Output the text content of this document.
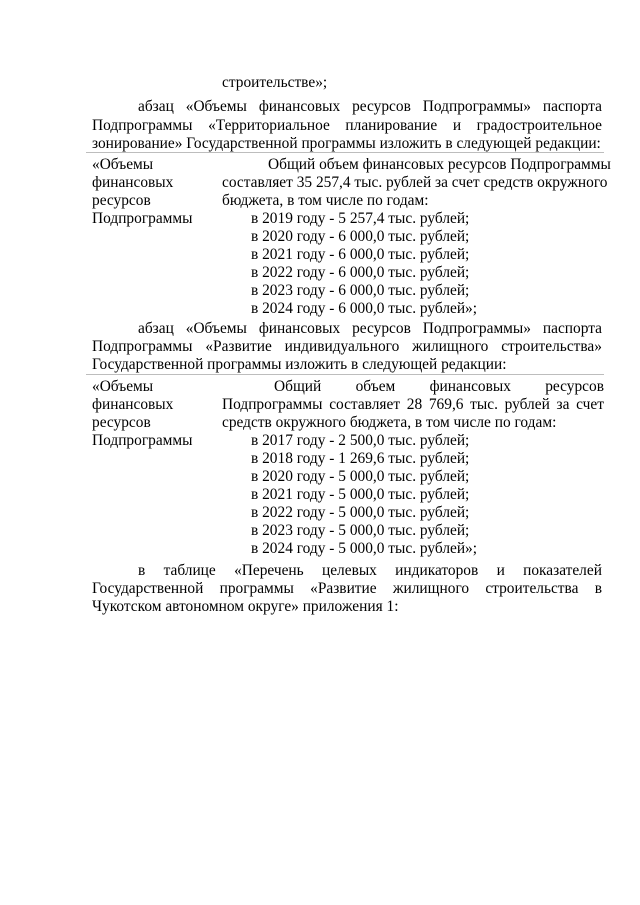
строительстве»;
абзац «Объемы финансовых ресурсов Подпрограммы» паспорта
Подпрограммы «Территориальное планирование и градостроительное
зонирование» Государственной программы изложить в следующей редакции:
«Объемы
финансовых
ресурсов
Подпрограммы
Общий объем финансовых ресурсов Подпрограммы
составляет 35 257,4 тыс. рублей за счет средств окружного
бюджета, в том числе по годам:
в 2019 году - 5 257,4 тыс. рублей;
в 2020 году - 6 000,0 тыс. рублей;
в 2021 году - 6 000,0 тыс. рублей;
в 2022 году - 6 000,0 тыс. рублей;
в 2023 году - 6 000,0 тыс. рублей;
в 2024 году - 6 000,0 тыс. рублей»;
абзац «Объемы финансовых ресурсов Подпрограммы» паспорта
Подпрограммы «Развитие индивидуального жилищного строительства»
Государственной программы изложить в следующей редакции:
«Объемы
финансовых
ресурсов
Подпрограммы
Общий объем финансовых ресурсов
Подпрограммы составляет 28 769,6 тыс. рублей за счет
средств окружного бюджета, в том числе по годам:
в 2017 году - 2 500,0 тыс. рублей;
в 2018 году - 1 269,6 тыс. рублей;
в 2020 году - 5 000,0 тыс. рублей;
в 2021 году - 5 000,0 тыс. рублей;
в 2022 году - 5 000,0 тыс. рублей;
в 2023 году - 5 000,0 тыс. рублей;
в 2024 году - 5 000,0 тыс. рублей»;
в таблице «Перечень целевых индикаторов и показателей
Государственной программы «Развитие жилищного строительства в
Чукотском автономном округе» приложения 1:
